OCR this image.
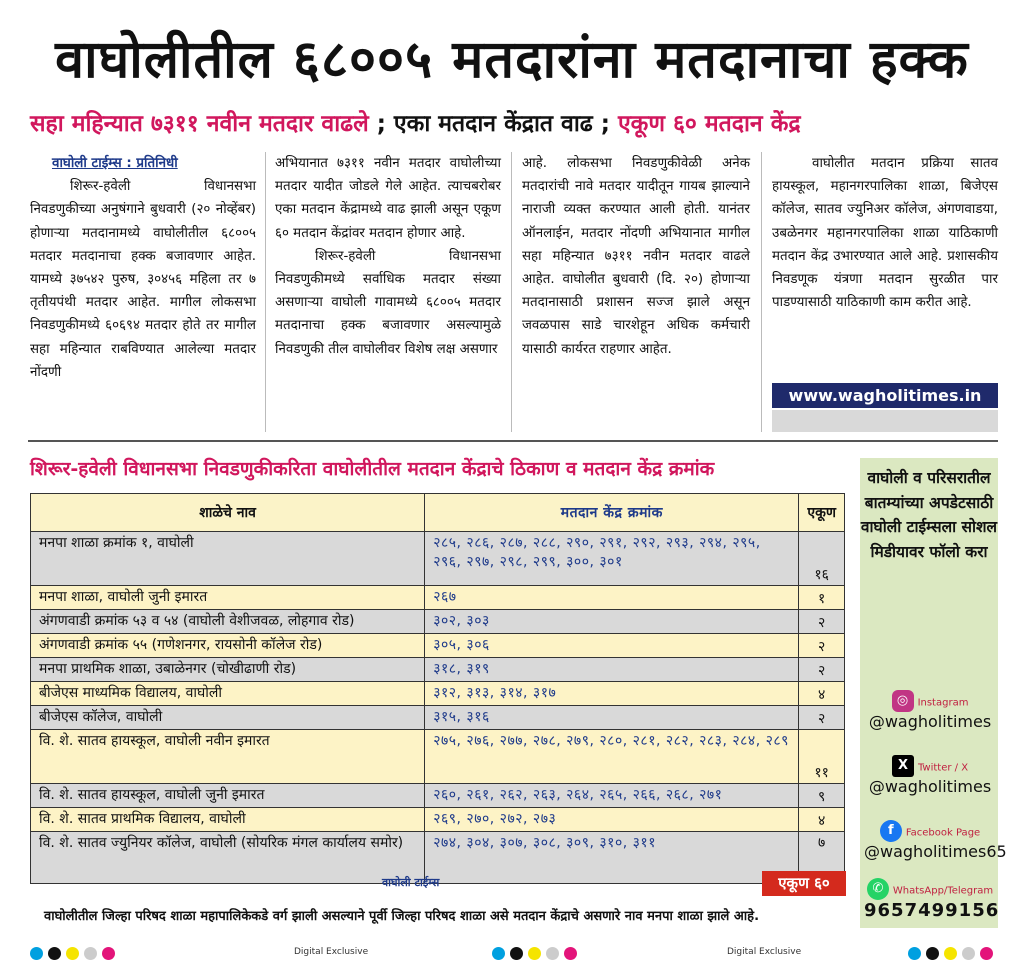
वाघोलीतील ६८००५ मतदारांना मतदानाचा हक्क
सहा महिन्यात ७३११ नवीन मतदार वाढले ; एका मतदान केंद्रात वाढ ; एकूण ६० मतदान केंद्र
वाघोली टाईम्स : प्रतिनिधी

शिरूर-हवेली विधानसभा निवडणुकीच्या अनुषंगाने बुधवारी (२० नोव्हेंबर) होणाऱ्या मतदानामध्ये वाघोलीतील ६८००५ मतदार मतदानाचा हक्क बजावणार आहेत. यामध्ये ३७५४२ पुरुष, ३०४५६ महिला तर ७ तृतीयपंथी मतदार आहेत. मागील लोकसभा निवडणुकीमध्ये ६०६९४ मतदार होते तर मागील सहा महिन्यात राबविण्यात आलेल्या मतदार नोंदणी

अभियानात ७३११ नवीन मतदार वाघोलीच्या मतदार यादीत जोडले गेले आहेत. त्याचबरोबर एका मतदान केंद्रामध्ये वाढ झाली असून एकूण ६० मतदान केंद्रांवर मतदान होणार आहे.

शिरूर-हवेली विधानसभा निवडणुकीमध्ये सर्वाधिक मतदार संख्या असणाऱ्या वाघोली गावामध्ये ६८००५ मतदार मतदानाचा हक्क बजावणार असल्यामुळे निवडणुकी तील वाघोलीवर विशेष लक्ष असणार

आहे. लोकसभा निवडणुकीवेळी अनेक मतदारांची नावे मतदार यादीतून गायब झाल्याने नाराजी व्यक्त करण्यात आली होती. यानंतर ऑनलाईन, मतदार नोंदणी अभियानात मागील सहा महिन्यात ७३११ नवीन मतदार वाढले आहेत. वाघोलीत बुधवारी (दि. २०) होणाऱ्या मतदानासाठी प्रशासन सज्ज झाले असून जवळपास साडे चारशेहून अधिक कर्मचारी यासाठी कार्यरत राहणार आहेत.

वाघोलीत मतदान प्रक्रिया सातव हायस्कूल, महानगरपालिका शाळा, बिजेएस कॉलेज, सातव ज्युनिअर कॉलेज, अंगणवाडया, उबळेनगर महानगरपालिका शाळा याठिकाणी मतदान केंद्र उभारण्यात आले आहे. प्रशासकीय निवडणूक यंत्रणा मतदान सुरळीत पार पाडण्यासाठी याठिकाणी काम करीत आहे.

www.wagholitimes.in
शिरूर-हवेली विधानसभा निवडणुकीकरिता वाघोलीतील मतदान केंद्राचे ठिकाण व मतदान केंद्र क्रमांक
शाळेचे नाव	मतदान केंद्र क्रमांक	एकूण
मनपा शाळा क्रमांक १, वाघोली	२८५, २८६, २८७, २८८, २९०, २९१, २९२, २९३, २९४, २९५, २९६, २९७, २९८, २९९, ३००, ३०१	१६
मनपा शाळा, वाघोली जुनी इमारत	२६७	१
अंगणवाडी क्रमांक ५३ व ५४ (वाघोली वेशीजवळ, लोहगाव रोड)	३०२, ३०३	२
अंगणवाडी क्रमांक ५५ (गणेशनगर, रायसोनी कॉलेज रोड)	३०५, ३०६	२
मनपा प्राथमिक शाळा, उबाळेनगर (चोखीढाणी रोड)	३१८, ३१९	२
बीजेएस माध्यमिक विद्यालय, वाघोली	३१२, ३१३, ३१४, ३१७	४
बीजेएस कॉलेज, वाघोली	३१५, ३१६	२
वि. शे. सातव हायस्कूल, वाघोली नवीन इमारत	२७५, २७६, २७७, २७८, २७९, २८०, २८१, २८२, २८३, २८४, २८९	११
वि. शे. सातव हायस्कूल, वाघोली जुनी इमारत	२६०, २६१, २६२, २६३, २६४, २६५, २६६, २६८, २७१	९
वि. शे. सातव प्राथमिक विद्यालय, वाघोली	२६९, २७०, २७२, २७३	४
वि. शे. सातव ज्युनियर कॉलेज, वाघोली (सोयरिक मंगल कार्यालय समोर)	२७४, ३०४, ३०७, ३०८, ३०९, ३१०, ३११	७
वाघोली टाईम्स	एकूण ६०
वाघोलीतील जिल्हा परिषद शाळा महापालिकेकडे वर्ग झाली असल्याने पूर्वी जिल्हा परिषद शाळा असे मतदान केंद्राचे असणारे नाव मनपा शाळा झाले आहे.
वाघोली व परिसरातील बातम्यांच्या अपडेटसाठी वाघोली टाईम्सला सोशल मिडीयावर फॉलो करा
◎ Instagram
@wagholitimes
X Twitter / X
@wagholitimes
f Facebook Page
@wagholitimes65
✆ WhatsApp/Telegram
9657499156
Digital Exclusive	Digital Exclusive
